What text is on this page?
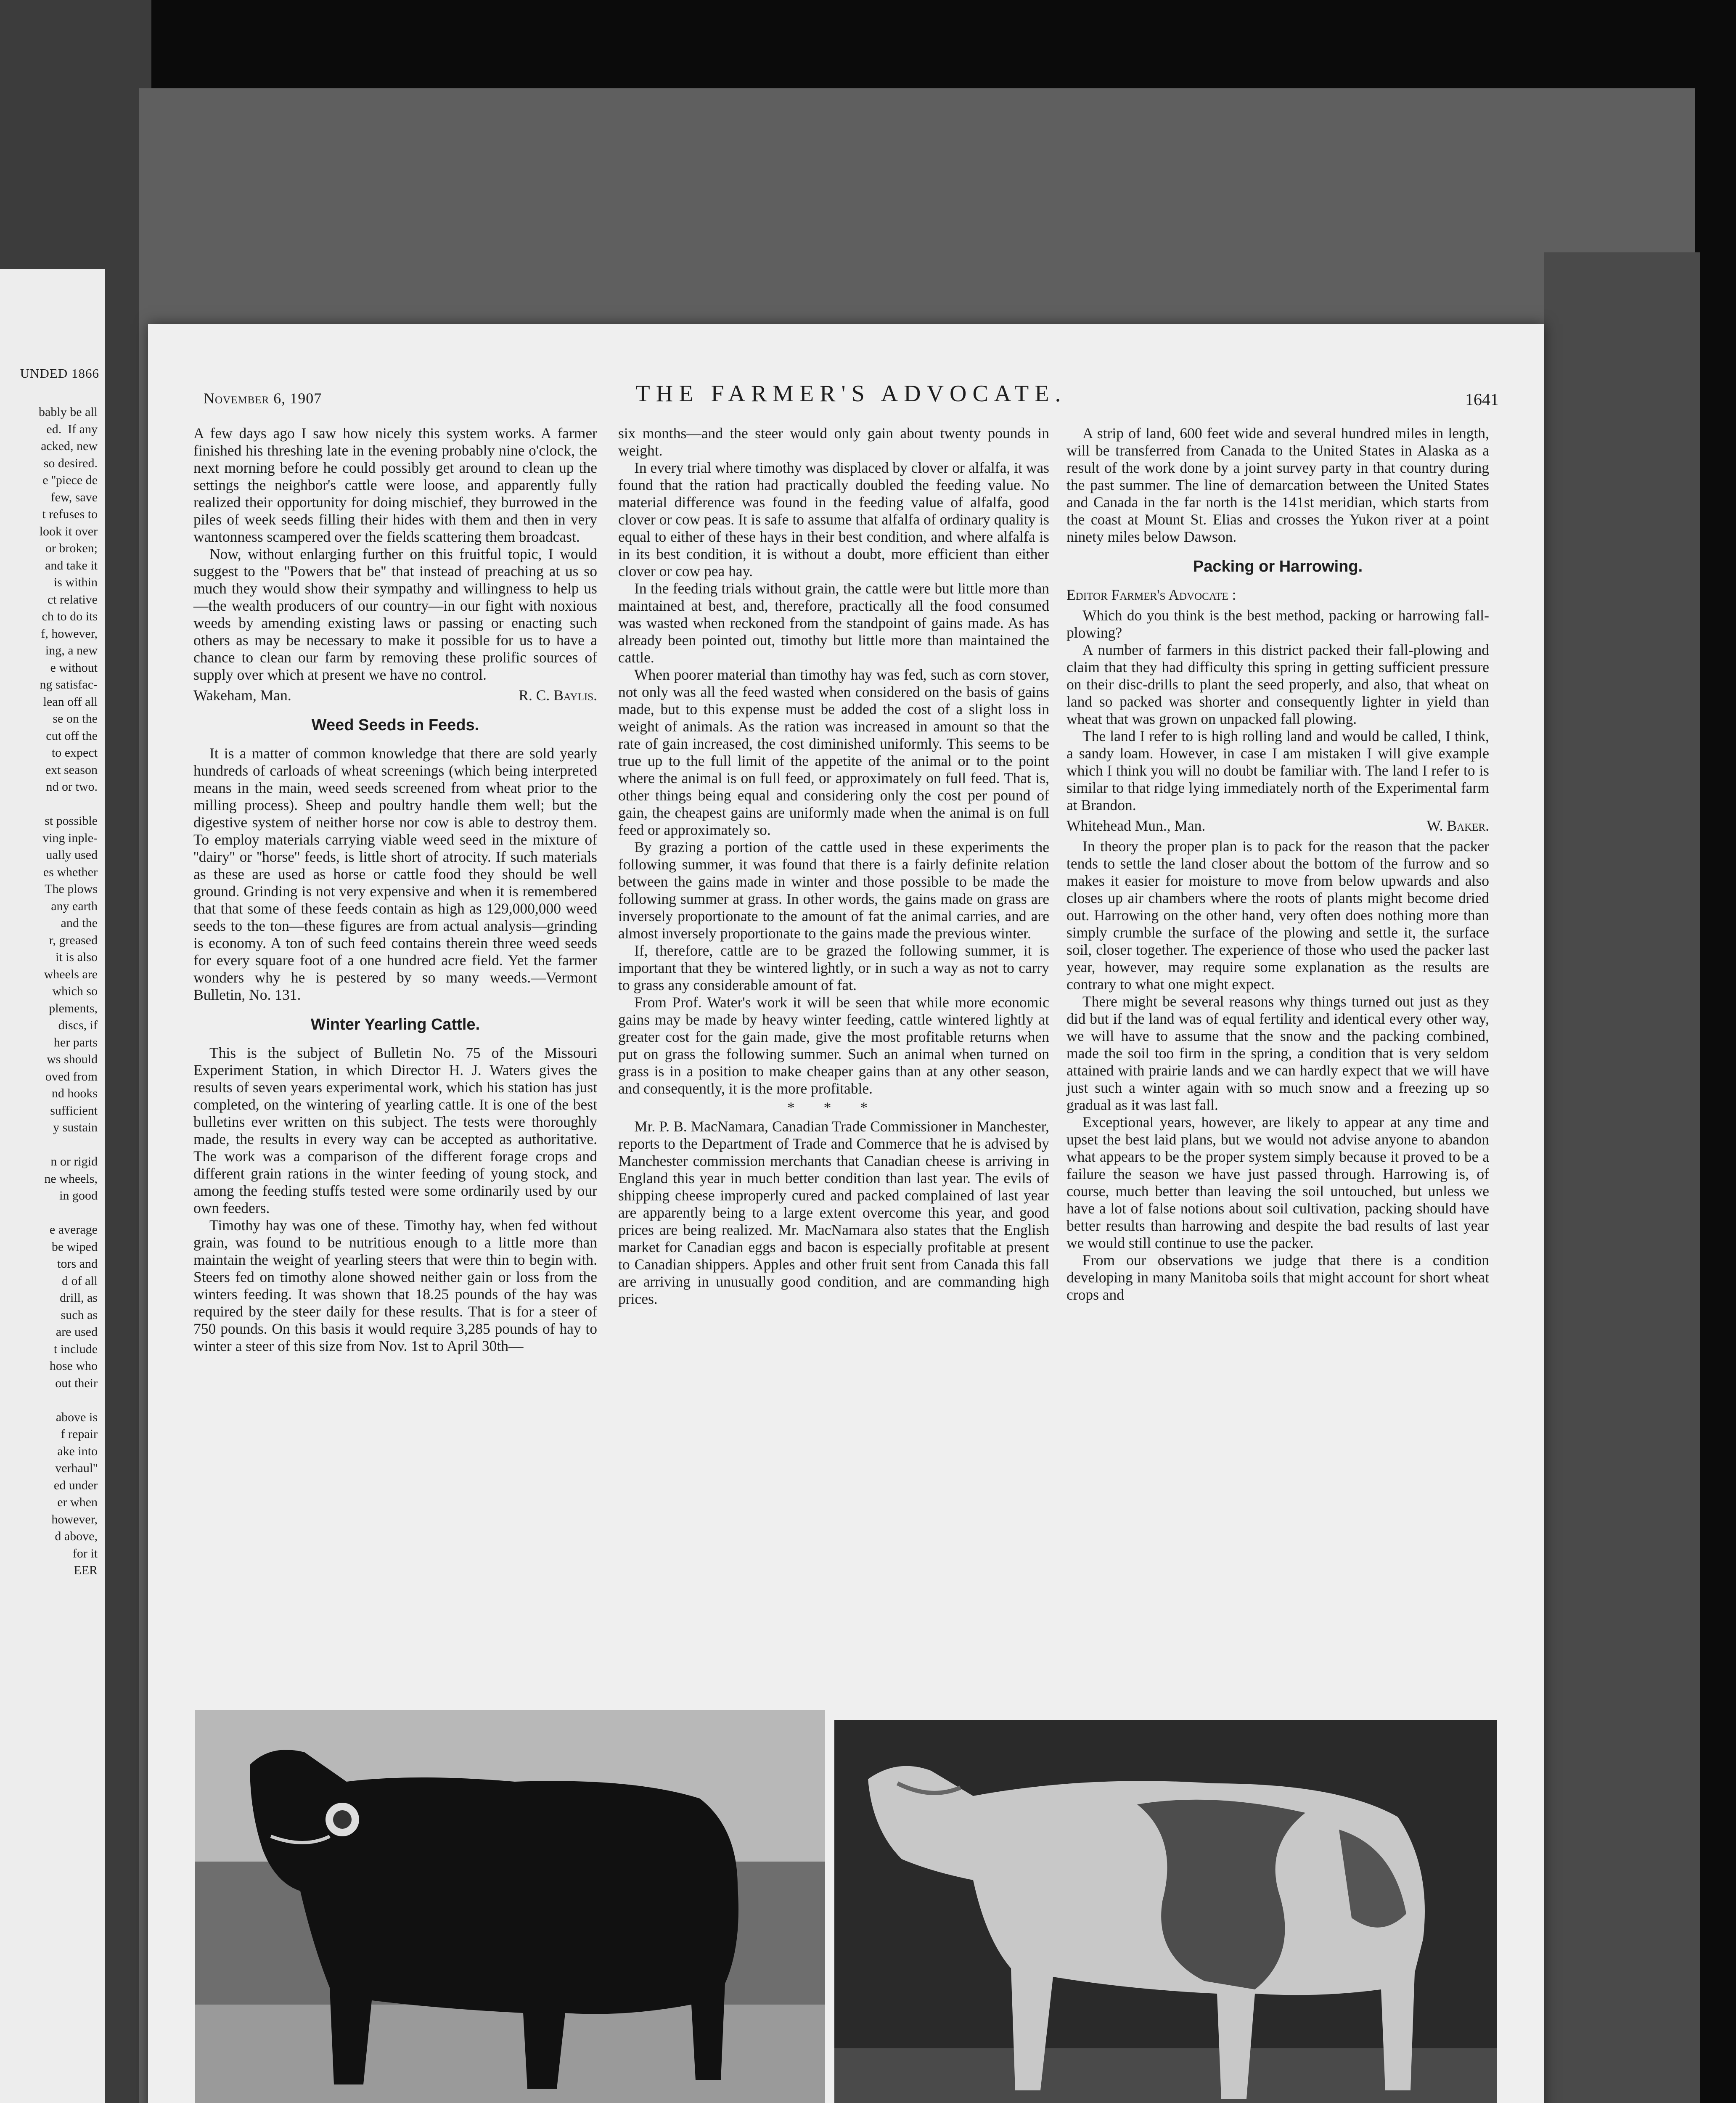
UNDED 1866
bably be all
ed.  If any
acked, new
so desired.
e ''piece de
few, save
t refuses to
look it over
or broken;
and take it
is within
ct relative
ch to do its
f, however,
ing, a new
e without
ng satisfac-
lean off all
se on the
cut off the
to expect
ext season
nd or two.

st possible
ving inple-
ually used
es whether
The plows
any earth
and the
r, greased
it is also
wheels are
which so
plements,
discs, if
her parts
ws should
oved from
nd hooks
sufficient
y sustain

n or rigid
ne wheels,
in good

e average
be wiped
tors and
d of all
drill, as
such as
are used
t include
hose who
out their

above is
f repair
ake into
verhaul''
ed under
er when
however,
d above,
for it
EER
November 6, 1907	THE FARMER'S ADVOCATE.	1641

A few days ago I saw how nicely this system works. A farmer finished his threshing late in the evening probably nine o'clock, the next morning before he could possibly get around to clean up the settings the neighbor's cattle were loose, and apparently fully realized their opportunity for doing mischief, they burrowed in the piles of week seeds filling their hides with them and then in very wantonness scampered over the fields scattering them broadcast.

Now, without enlarging further on this fruitful topic, I would suggest to the ''Powers that be'' that instead of preaching at us so much they would show their sympathy and willingness to help us—the wealth producers of our country—in our fight with noxious weeds by amending existing laws or passing or enacting such others as may be necessary to make it possible for us to have a chance to clean our farm by removing these prolific sources of supply over which at present we have no control.

Wakeham, Man.	R. C. Baylis.
Weed Seeds in Feeds.

It is a matter of common knowledge that there are sold yearly hundreds of carloads of wheat screenings (which being interpreted means in the main, weed seeds screened from wheat prior to the milling process). Sheep and poultry handle them well; but the digestive system of neither horse nor cow is able to destroy them. To employ materials carrying viable weed seed in the mixture of ''dairy'' or ''horse'' feeds, is little short of atrocity. If such materials as these are used as horse or cattle food they should be well ground. Grinding is not very expensive and when it is remembered that that some of these feeds contain as high as 129,000,000 weed seeds to the ton—these figures are from actual analysis—grinding is economy. A ton of such feed contains therein three weed seeds for every square foot of a one hundred acre field. Yet the farmer wonders why he is pestered by so many weeds.—Vermont Bulletin, No. 131.

Winter Yearling Cattle.

This is the subject of Bulletin No. 75 of the Missouri Experiment Station, in which Director H. J. Waters gives the results of seven years experimental work, which his station has just completed, on the wintering of yearling cattle. It is one of the best bulletins ever written on this subject. The tests were thoroughly made, the results in every way can be accepted as authoritative. The work was a comparison of the different forage crops and different grain rations in the winter feeding of young stock, and among the feeding stuffs tested were some ordinarily used by our own feeders.

Timothy hay was one of these. Timothy hay, when fed without grain, was found to be nutritious enough to a little more than maintain the weight of yearling steers that were thin to begin with. Steers fed on timothy alone showed neither gain or loss from the winters feeding. It was shown that 18.25 pounds of the hay was required by the steer daily for these results. That is for a steer of 750 pounds. On this basis it would require 3,285 pounds of hay to winter a steer of this size from Nov. 1st to April 30th—

six months—and the steer would only gain about twenty pounds in weight.

In every trial where timothy was displaced by clover or alfalfa, it was found that the ration had practically doubled the feeding value. No material difference was found in the feeding value of alfalfa, good clover or cow peas. It is safe to assume that alfalfa of ordinary quality is equal to either of these hays in their best condition, and where alfalfa is in its best condition, it is without a doubt, more efficient than either clover or cow pea hay.

In the feeding trials without grain, the cattle were but little more than maintained at best, and, therefore, practically all the food consumed was wasted when reckoned from the standpoint of gains made. As has already been pointed out, timothy but little more than maintained the cattle.

When poorer material than timothy hay was fed, such as corn stover, not only was all the feed wasted when considered on the basis of gains made, but to this expense must be added the cost of a slight loss in weight of animals. As the ration was increased in amount so that the rate of gain increased, the cost diminished uniformly. This seems to be true up to the full limit of the appetite of the animal or to the point where the animal is on full feed, or approximately on full feed. That is, other things being equal and considering only the cost per pound of gain, the cheapest gains are uniformly made when the animal is on full feed or approximately so.

By grazing a portion of the cattle used in these experiments the following summer, it was found that there is a fairly definite relation between the gains made in winter and those possible to be made the following summer at grass. In other words, the gains made on grass are inversely proportionate to the amount of fat the animal carries, and are almost inversely proportionate to the gains made the previous winter.

If, therefore, cattle are to be grazed the following summer, it is important that they be wintered lightly, or in such a way as not to carry to grass any considerable amount of fat.

From Prof. Water's work it will be seen that while more economic gains may be made by heavy winter feeding, cattle wintered lightly at greater cost for the gain made, give the most profitable returns when put on grass the following summer. Such an animal when turned on grass is in a position to make cheaper gains than at any other season, and consequently, it is the more profitable.

* * *

Mr. P. B. MacNamara, Canadian Trade Commissioner in Manchester, reports to the Department of Trade and Commerce that he is advised by Manchester commission merchants that Canadian cheese is arriving in England this year in much better condition than last year. The evils of shipping cheese improperly cured and packed complained of last year are apparently being to a large extent overcome this year, and good prices are being realized. Mr. MacNamara also states that the English market for Canadian eggs and bacon is especially profitable at present to Canadian shippers. Apples and other fruit sent from Canada this fall are arriving in unusually good condition, and are commanding high prices.

A strip of land, 600 feet wide and several hundred miles in length, will be transferred from Canada to the United States in Alaska as a result of the work done by a joint survey party in that country during the past summer. The line of demarcation between the United States and Canada in the far north is the 141st meridian, which starts from the coast at Mount St. Elias and crosses the Yukon river at a point ninety miles below Dawson.

Packing or Harrowing.

Editor Farmer's Advocate :

Which do you think is the best method, packing or harrowing fall-plowing?

A number of farmers in this district packed their fall-plowing and claim that they had difficulty this spring in getting sufficient pressure on their disc-drills to plant the seed properly, and also, that wheat on land so packed was shorter and consequently lighter in yield than wheat that was grown on unpacked fall plowing.

The land I refer to is high rolling land and would be called, I think, a sandy loam. However, in case I am mistaken I will give example which I think you will no doubt be familiar with. The land I refer to is similar to that ridge lying immediately north of the Experimental farm at Brandon.

Whitehead Mun., Man.	W. Baker.

In theory the proper plan is to pack for the reason that the packer tends to settle the land closer about the bottom of the furrow and so makes it easier for moisture to move from below upwards and also closes up air chambers where the roots of plants might become dried out. Harrowing on the other hand, very often does nothing more than simply crumble the surface of the plowing and settle it, the surface soil, closer together. The experience of those who used the packer last year, however, may require some explanation as the results are contrary to what one might expect.

There might be several reasons why things turned out just as they did but if the land was of equal fertility and identical every other way, we will have to assume that the snow and the packing combined, made the soil too firm in the spring, a condition that is very seldom attained with prairie lands and we can hardly expect that we will have just such a winter again with so much snow and a freezing up so gradual as it was last fall.

Exceptional years, however, are likely to appear at any time and upset the best laid plans, but we would not advise anyone to abandon what appears to be the proper system simply because it proved to be a failure the season we have just passed through. Harrowing is, of course, much better than leaving the soil untouched, but unless we have a lot of false notions about soil cultivation, packing should have better results than harrowing and despite the bad results of last year we would still continue to use the packer.

From our observations we judge that there is a condition developing in many Manitoba soils that might account for short wheat crops and
